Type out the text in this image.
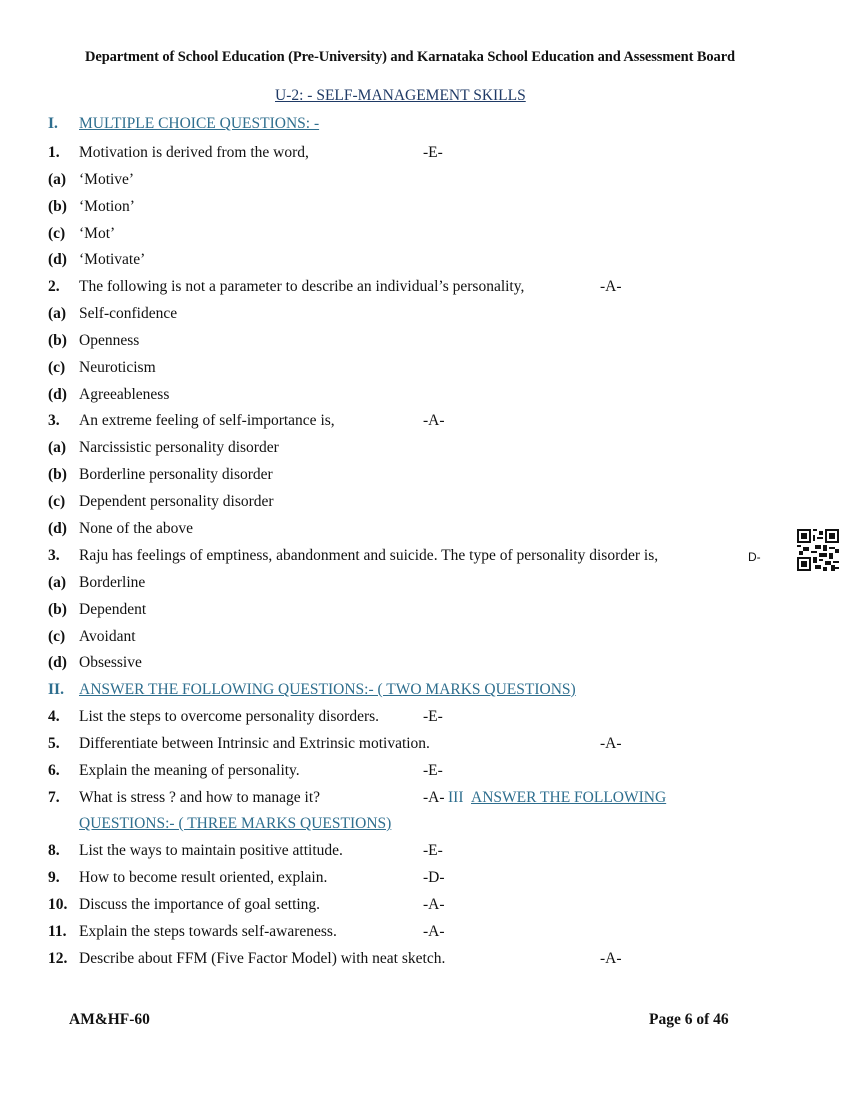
Department of School Education (Pre-University) and Karnataka School Education and Assessment Board
U-2: - SELF-MANAGEMENT SKILLS
I. MULTIPLE CHOICE QUESTIONS: -
1. Motivation is derived from the word,	-E-
(a) ‘Motive’
(b) ‘Motion’
(c) ‘Mot’
(d) ‘Motivate’
2. The following is not a parameter to describe an individual’s personality,	-A-
(a) Self-confidence
(b) Openness
(c) Neuroticism
(d) Agreeableness
3. An extreme feeling of self-importance is,	-A-
(a) Narcissistic personality disorder
(b) Borderline personality disorder
(c) Dependent personality disorder
(d) None of the above
3. Raju has feelings of emptiness, abandonment and suicide. The type of personality disorder is,	D-
(a) Borderline
(b) Dependent
(c) Avoidant
(d) Obsessive
II. ANSWER THE FOLLOWING QUESTIONS:- ( TWO MARKS QUESTIONS)
4. List the steps to overcome personality disorders.	-E-
5. Differentiate between Intrinsic and Extrinsic motivation.	-A-
6. Explain the meaning of personality.	-E-
7. What is stress ? and how to manage it?	-A- III ANSWER THE FOLLOWING
QUESTIONS:- ( THREE MARKS QUESTIONS)
8. List the ways to maintain positive attitude.	-E-
9. How to become result oriented, explain.	-D-
10. Discuss the importance of goal setting.	-A-
11. Explain the steps towards self-awareness.	-A-
12. Describe about FFM (Five Factor Model) with neat sketch.	-A-
AM&HF-60	Page 6 of 46
